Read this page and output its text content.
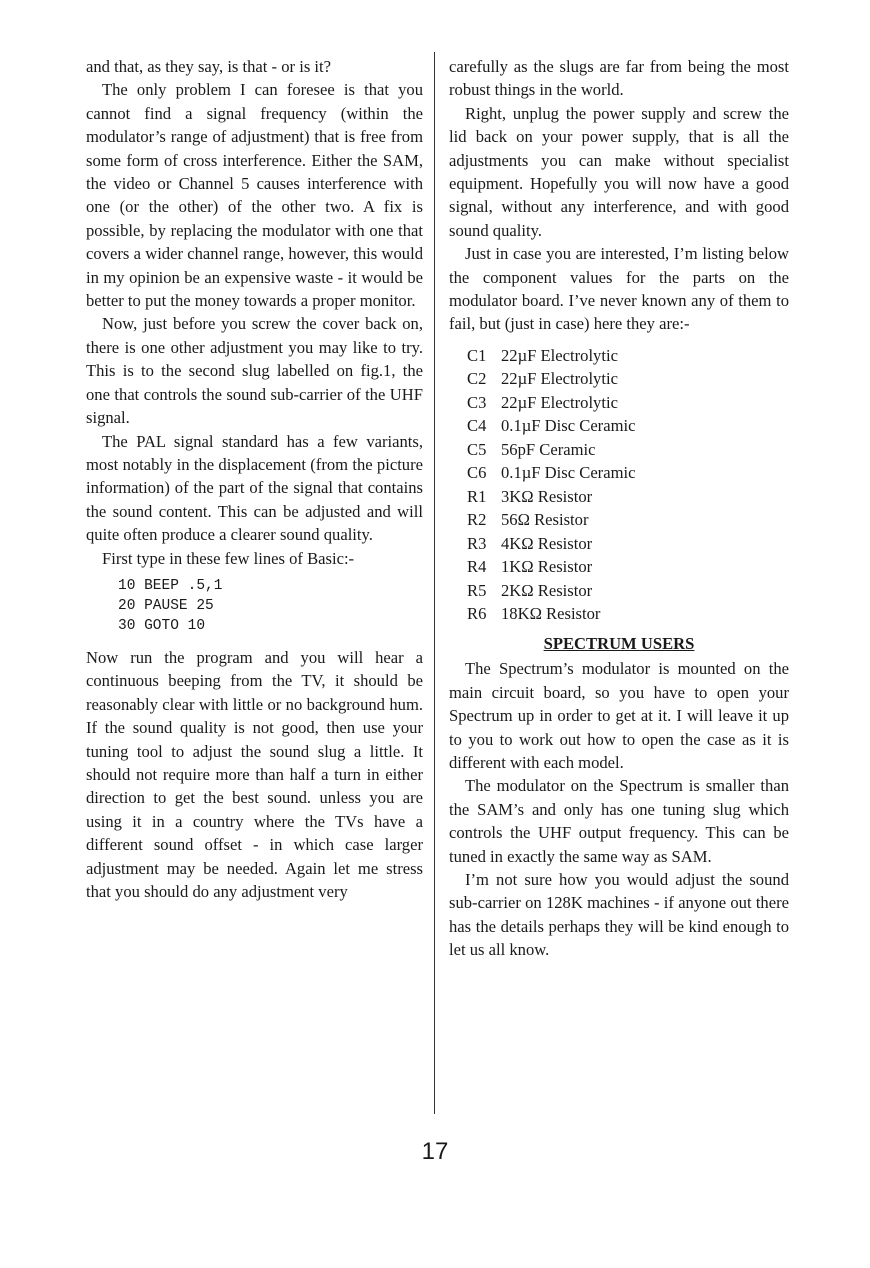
and that, as they say, is that - or is it?

The only problem I can foresee is that you cannot find a signal frequency (within the modulator’s range of adjustment) that is free from some form of cross interference. Either the SAM, the video or Channel 5 causes interference with one (or the other) of the other two. A fix is possible, by replacing the modulator with one that covers a wider channel range, however, this would in my opinion be an expensive waste - it would be better to put the money towards a proper monitor.

Now, just before you screw the cover back on, there is one other adjustment you may like to try. This is to the second slug labelled on fig.1, the one that controls the sound sub-carrier of the UHF signal.

The PAL signal standard has a few variants, most notably in the displacement (from the picture information) of the part of the signal that contains the sound content. This can be adjusted and will quite often produce a clearer sound quality.

First type in these few lines of Basic:-

10 BEEP .5,1
20 PAUSE 25
30 GOTO 10

Now run the program and you will hear a continuous beeping from the TV, it should be reasonably clear with little or no background hum. If the sound quality is not good, then use your tuning tool to adjust the sound slug a little. It should not require more than half a turn in either direction to get the best sound. unless you are using it in a country where the TVs have a different sound offset - in which case larger adjustment may be needed. Again let me stress that you should do any adjustment very

carefully as the slugs are far from being the most robust things in the world.

Right, unplug the power supply and screw the lid back on your power supply, that is all the adjustments you can make without specialist equipment. Hopefully you will now have a good signal, without any interference, and with good sound quality.

Just in case you are interested, I’m listing below the component values for the parts on the modulator board. I’ve never known any of them to fail, but (just in case) here they are:-

C1 22µF Electrolytic
C2 22µF Electrolytic
C3 22µF Electrolytic
C4 0.1µF Disc Ceramic
C5 56pF Ceramic
C6 0.1µF Disc Ceramic
R1 3KΩ Resistor
R2 56Ω Resistor
R3 4KΩ Resistor
R4 1KΩ Resistor
R5 2KΩ Resistor
R6 18KΩ Resistor
SPECTRUM USERS

The Spectrum’s modulator is mounted on the main circuit board, so you have to open your Spectrum up in order to get at it. I will leave it up to you to work out how to open the case as it is different with each model.

The modulator on the Spectrum is smaller than the SAM’s and only has one tuning slug which controls the UHF output frequency. This can be tuned in exactly the same way as SAM.

I’m not sure how you would adjust the sound sub-carrier on 128K machines - if anyone out there has the details perhaps they will be kind enough to let us all know.

17
